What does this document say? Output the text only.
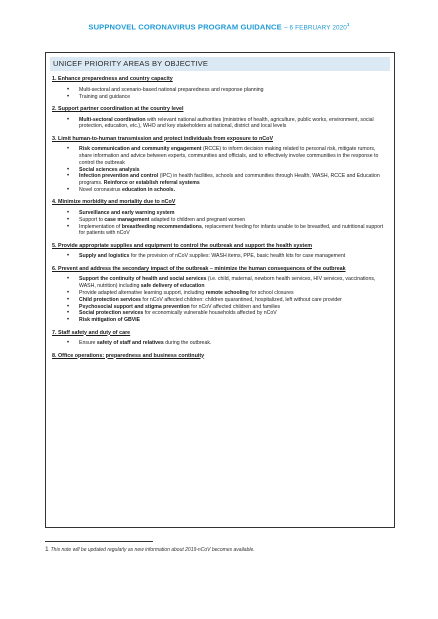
SUPPNOVEL CORONAVIRUS PROGRAM GUIDANCE – 6 FEBRUARY 2020$^1$
UNICEF PRIORITY AREAS BY OBJECTIVE

1. Enhance preparedness and country capacity

• Multi-sectoral and scenario-based national preparedness and response planning
• Training and guidance

2. Support partner coordination at the country level

• Multi-sectoral coordination with relevant national authorities (ministries of health, agriculture, public works, environment, social protection, education, etc.), WHO and key stakeholders at national, district and local levels

3. Limit human-to-human transmission and protect individuals from exposure to nCoV

• Risk communication and community engagement (RCCE) to inform decision making related to personal risk, mitigate rumors, share information and advice between experts, communities and officials, and to effectively involve communities in the response to control the outbreak
• Social sciences analysis
• Infection prevention and control (IPC) in health facilities, schools and communities through Health, WASH, RCCE and Education programs. Reinforce or establish referral systems
• Novel coronavirus education in schools.

4. Minimize morbidity and mortality due to nCoV

• Surveillance and early warning system
• Support to case management adapted to children and pregnant women
• Implementation of breastfeeding recommendations, replacement feeding for infants unable to be breastfed, and nutritional support for patients with nCoV

5. Provide appropriate supplies and equipment to control the outbreak and support the health system

• Supply and logistics for the provision of nCoV supplies: WASH items, PPE, basic health kits for case management

6. Prevent and address the secondary impact of the outbreak – minimize the human consequences of the outbreak

• Support the continuity of health and social services (i.e. child, maternal, newborn health services, HIV services, vaccinations, WASH, nutrition) including safe delivery of education
• Provide adapted alternative learning support, including remote schooling for school closures
• Child protection services for nCoV affected children: children quarantined, hospitalized, left without care provider
• Psychosocial support and stigma prevention for nCoV affected children and families
• Social protection services for economically vulnerable households affected by nCoV
• Risk mitigation of GBViE

7. Staff safety and duty of care

• Ensure safety of staff and relatives during the outbreak.

8. Office operations: preparedness and business continuity

1 This note will be updated regularly as new information about 2019-nCoV becomes available.
